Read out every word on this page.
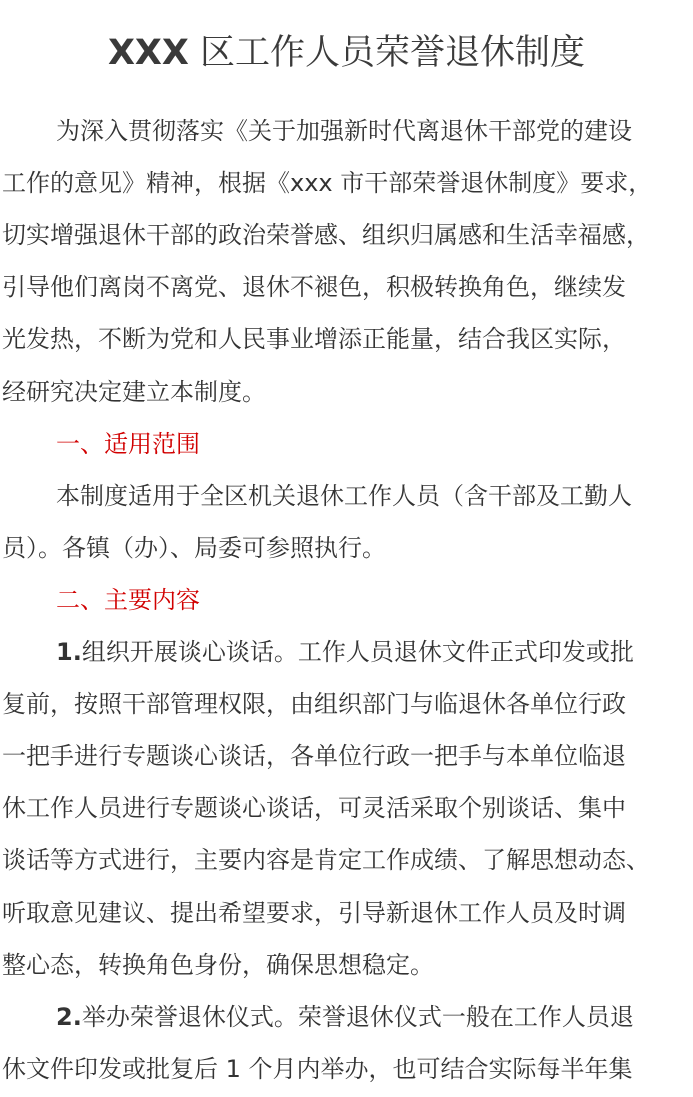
XXX 区工作人员荣誉退休制度
为深入贯彻落实《关于加强新时代离退休干部党的建设
工作的意见》精神，根据《xxx 市干部荣誉退休制度》要求，
切实增强退休干部的政治荣誉感、组织归属感和生活幸福感，
引导他们离岗不离党、退休不褪色，积极转换角色，继续发
光发热，不断为党和人民事业增添正能量，结合我区实际，
经研究决定建立本制度。
一、适用范围
本制度适用于全区机关退休工作人员（含干部及工勤人
员）。各镇（办）、局委可参照执行。
二、主要内容
1.组织开展谈心谈话。工作人员退休文件正式印发或批
复前，按照干部管理权限，由组织部门与临退休各单位行政
一把手进行专题谈心谈话，各单位行政一把手与本单位临退
休工作人员进行专题谈心谈话，可灵活采取个别谈话、集中
谈话等方式进行，主要内容是肯定工作成绩、了解思想动态、
听取意见建议、提出希望要求，引导新退休工作人员及时调
整心态，转换角色身份，确保思想稳定。
2.举办荣誉退休仪式。荣誉退休仪式一般在工作人员退
休文件印发或批复后 1 个月内举办，也可结合实际每半年集
